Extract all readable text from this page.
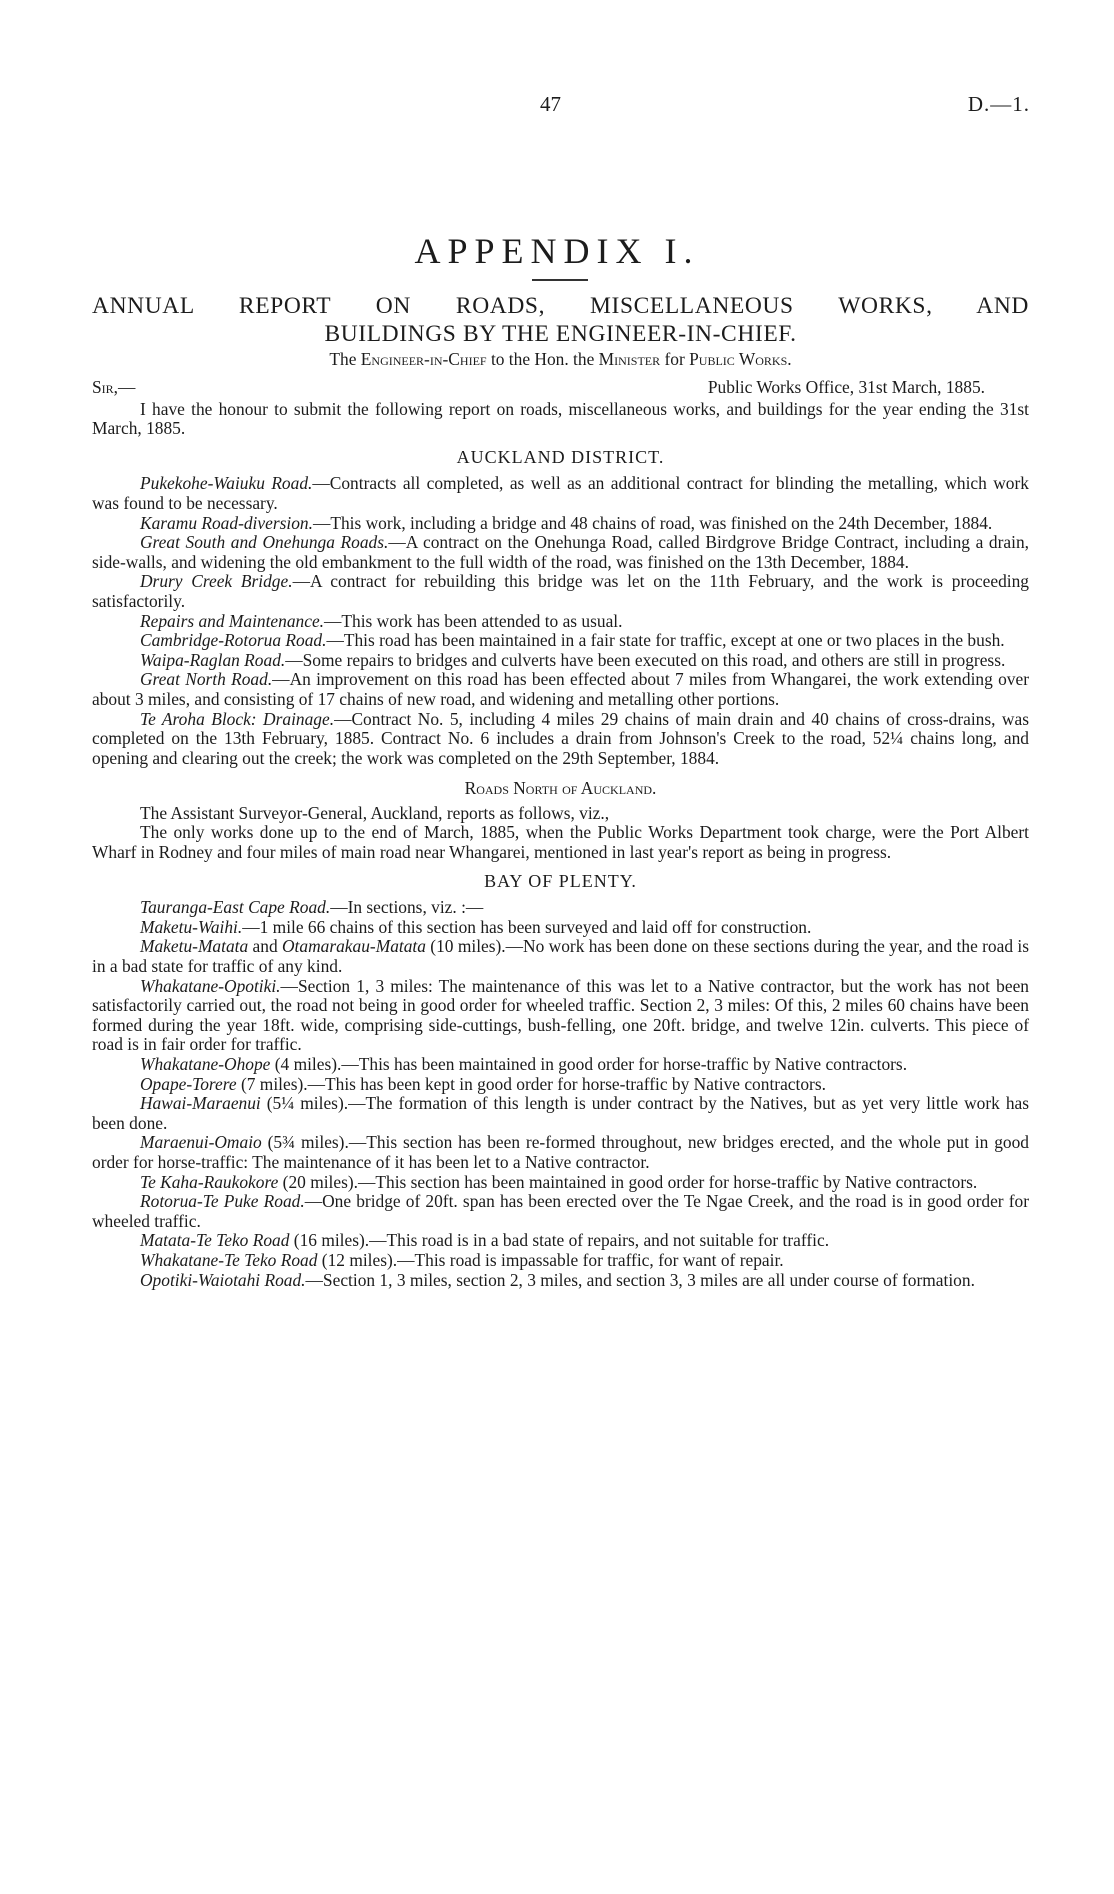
47	D.—1.
APPENDIX I.
ANNUAL REPORT ON ROADS, MISCELLANEOUS WORKS, AND
BUILDINGS BY THE ENGINEER-IN-CHIEF.

The Engineer-in-Chief to the Hon. the Minister for Public Works.

Sir,—	Public Works Office, 31st March, 1885.

I have the honour to submit the following report on roads, miscellaneous works, and buildings for the year ending the 31st March, 1885.

AUCKLAND DISTRICT.

Pukekohe-Waiuku Road.—Contracts all completed, as well as an additional contract for blinding the metalling, which work was found to be necessary.

Karamu Road-diversion.—This work, including a bridge and 48 chains of road, was finished on the 24th December, 1884.

Great South and Onehunga Roads.—A contract on the Onehunga Road, called Birdgrove Bridge Contract, including a drain, side-walls, and widening the old embankment to the full width of the road, was finished on the 13th December, 1884.

Drury Creek Bridge.—A contract for rebuilding this bridge was let on the 11th February, and the work is proceeding satisfactorily.

Repairs and Maintenance.—This work has been attended to as usual.

Cambridge-Rotorua Road.—This road has been maintained in a fair state for traffic, except at one or two places in the bush.

Waipa-Raglan Road.—Some repairs to bridges and culverts have been executed on this road, and others are still in progress.

Great North Road.—An improvement on this road has been effected about 7 miles from Whangarei, the work extending over about 3 miles, and consisting of 17 chains of new road, and widening and metalling other portions.

Te Aroha Block: Drainage.—Contract No. 5, including 4 miles 29 chains of main drain and 40 chains of cross-drains, was completed on the 13th February, 1885. Contract No. 6 includes a drain from Johnson's Creek to the road, 52¼ chains long, and opening and clearing out the creek; the work was completed on the 29th September, 1884.

Roads North of Auckland.

The Assistant Surveyor-General, Auckland, reports as follows, viz.,

The only works done up to the end of March, 1885, when the Public Works Department took charge, were the Port Albert Wharf in Rodney and four miles of main road near Whangarei, mentioned in last year's report as being in progress.

BAY OF PLENTY.

Tauranga-East Cape Road.—In sections, viz. :—

Maketu-Waihi.—1 mile 66 chains of this section has been surveyed and laid off for construction.

Maketu-Matata and Otamarakau-Matata (10 miles).—No work has been done on these sections during the year, and the road is in a bad state for traffic of any kind.

Whakatane-Opotiki.—Section 1, 3 miles: The maintenance of this was let to a Native contractor, but the work has not been satisfactorily carried out, the road not being in good order for wheeled traffic. Section 2, 3 miles: Of this, 2 miles 60 chains have been formed during the year 18ft. wide, comprising side-cuttings, bush-felling, one 20ft. bridge, and twelve 12in. culverts. This piece of road is in fair order for traffic.

Whakatane-Ohope (4 miles).—This has been maintained in good order for horse-traffic by Native contractors.

Opape-Torere (7 miles).—This has been kept in good order for horse-traffic by Native contractors.

Hawai-Maraenui (5¼ miles).—The formation of this length is under contract by the Natives, but as yet very little work has been done.

Maraenui-Omaio (5¾ miles).—This section has been re-formed throughout, new bridges erected, and the whole put in good order for horse-traffic: The maintenance of it has been let to a Native contractor.

Te Kaha-Raukokore (20 miles).—This section has been maintained in good order for horse-traffic by Native contractors.

Rotorua-Te Puke Road.—One bridge of 20ft. span has been erected over the Te Ngae Creek, and the road is in good order for wheeled traffic.

Matata-Te Teko Road (16 miles).—This road is in a bad state of repairs, and not suitable for traffic.

Whakatane-Te Teko Road (12 miles).—This road is impassable for traffic, for want of repair.

Opotiki-Waiotahi Road.—Section 1, 3 miles, section 2, 3 miles, and section 3, 3 miles are all under course of formation.
